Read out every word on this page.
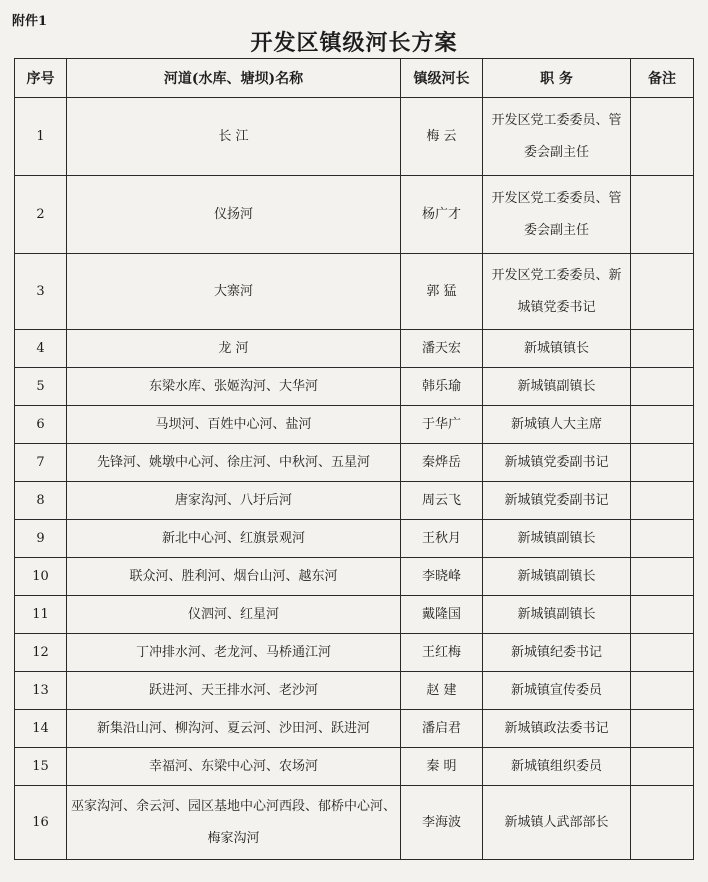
附件1
开发区镇级河长方案
序号	河道(水库、塘坝)名称	镇级河长	职 务	备注
1	长 江	梅 云	开发区党工委委员、管委会副主任	
2	仪扬河	杨广才	开发区党工委委员、管委会副主任	
3	大寨河	郭 猛	开发区党工委委员、新城镇党委书记	
4	龙 河	潘天宏	新城镇镇长	
5	东梁水库、张姬沟河、大华河	韩乐瑜	新城镇副镇长	
6	马坝河、百姓中心河、盐河	于华广	新城镇人大主席	
7	先锋河、姚墩中心河、徐庄河、中秋河、五星河	秦烨岳	新城镇党委副书记	
8	唐家沟河、八圩后河	周云飞	新城镇党委副书记	
9	新北中心河、红旗景观河	王秋月	新城镇副镇长	
10	联众河、胜利河、烟台山河、越东河	李晓峰	新城镇副镇长	
11	仪泗河、红星河	戴隆国	新城镇副镇长	
12	丁冲排水河、老龙河、马桥通江河	王红梅	新城镇纪委书记	
13	跃进河、天王排水河、老沙河	赵 建	新城镇宣传委员	
14	新集沿山河、柳沟河、夏云河、沙田河、跃进河	潘启君	新城镇政法委书记	
15	幸福河、东梁中心河、农场河	秦 明	新城镇组织委员	
16	巫家沟河、余云河、园区基地中心河西段、郁桥中心河、梅家沟河	李海波	新城镇人武部部长	
